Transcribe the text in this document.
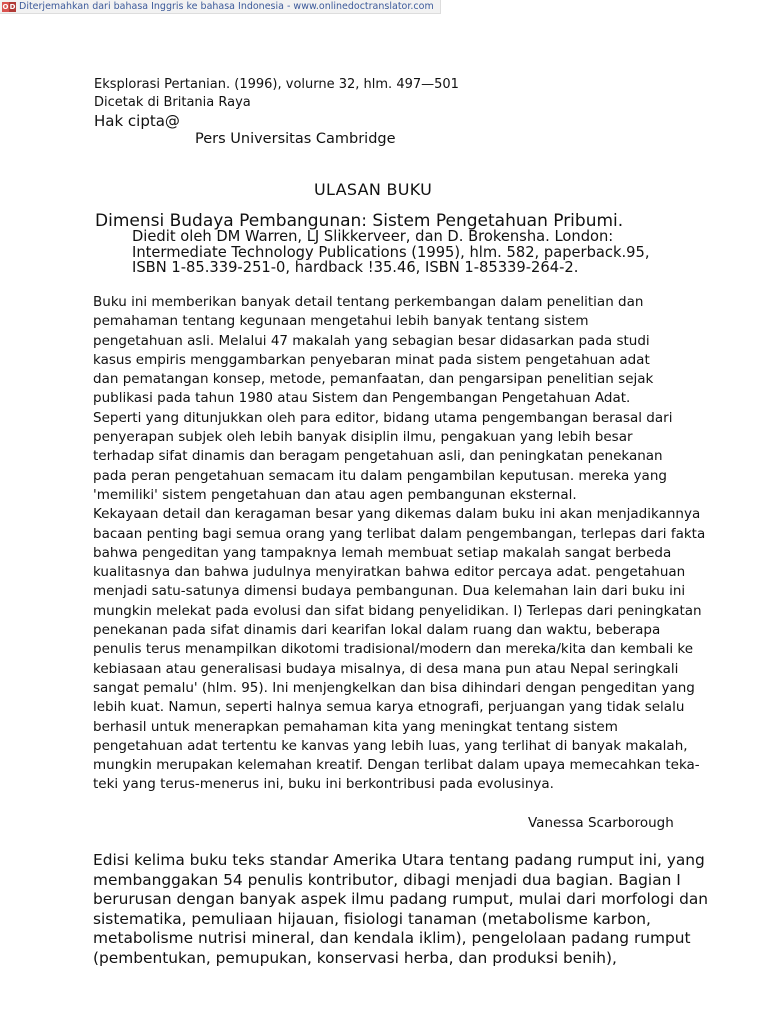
O D Diterjemahkan dari bahasa Inggris ke bahasa Indonesia - www.onlinedoctranslator.com
Eksplorasi Pertanian. (1996), volurne 32, hlm. 497—501
Dicetak di Britania Raya
Hak cipta@
Pers Universitas Cambridge
ULASAN BUKU
Dimensi Budaya Pembangunan: Sistem Pengetahuan Pribumi.
Diedit oleh DM Warren, LJ Slikkerveer, dan D. Brokensha. London:
Intermediate Technology Publications (1995), hlm. 582, paperback.95,
ISBN 1-85.339-251-0, hardback !35.46, ISBN 1-85339-264-2.
Buku ini memberikan banyak detail tentang perkembangan dalam penelitian dan
pemahaman tentang kegunaan mengetahui lebih banyak tentang sistem
pengetahuan asli. Melalui 47 makalah yang sebagian besar didasarkan pada studi
kasus empiris menggambarkan penyebaran minat pada sistem pengetahuan adat
dan pematangan konsep, metode, pemanfaatan, dan pengarsipan penelitian sejak
publikasi pada tahun 1980 atau Sistem dan Pengembangan Pengetahuan Adat.
Seperti yang ditunjukkan oleh para editor, bidang utama pengembangan berasal dari
penyerapan subjek oleh lebih banyak disiplin ilmu, pengakuan yang lebih besar
terhadap sifat dinamis dan beragam pengetahuan asli, dan peningkatan penekanan
pada peran pengetahuan semacam itu dalam pengambilan keputusan. mereka yang
'memiliki' sistem pengetahuan dan atau agen pembangunan eksternal.
Kekayaan detail dan keragaman besar yang dikemas dalam buku ini akan menjadikannya
bacaan penting bagi semua orang yang terlibat dalam pengembangan, terlepas dari fakta
bahwa pengeditan yang tampaknya lemah membuat setiap makalah sangat berbeda
kualitasnya dan bahwa judulnya menyiratkan bahwa editor percaya adat. pengetahuan
menjadi satu-satunya dimensi budaya pembangunan. Dua kelemahan lain dari buku ini
mungkin melekat pada evolusi dan sifat bidang penyelidikan. I) Terlepas dari peningkatan
penekanan pada sifat dinamis dari kearifan lokal dalam ruang dan waktu, beberapa
penulis terus menampilkan dikotomi tradisional/modern dan mereka/kita dan kembali ke
kebiasaan atau generalisasi budaya misalnya, di desa mana pun atau Nepal seringkali
sangat pemalu' (hlm. 95). Ini menjengkelkan dan bisa dihindari dengan pengeditan yang
lebih kuat. Namun, seperti halnya semua karya etnografi, perjuangan yang tidak selalu
berhasil untuk menerapkan pemahaman kita yang meningkat tentang sistem
pengetahuan adat tertentu ke kanvas yang lebih luas, yang terlihat di banyak makalah,
mungkin merupakan kelemahan kreatif. Dengan terlibat dalam upaya memecahkan teka-
teki yang terus-menerus ini, buku ini berkontribusi pada evolusinya.
Vanessa Scarborough
Edisi kelima buku teks standar Amerika Utara tentang padang rumput ini, yang
membanggakan 54 penulis kontributor, dibagi menjadi dua bagian. Bagian I
berurusan dengan banyak aspek ilmu padang rumput, mulai dari morfologi dan
sistematika, pemuliaan hijauan, fisiologi tanaman (metabolisme karbon,
metabolisme nutrisi mineral, dan kendala iklim), pengelolaan padang rumput
(pembentukan, pemupukan, konservasi herba, dan produksi benih),
